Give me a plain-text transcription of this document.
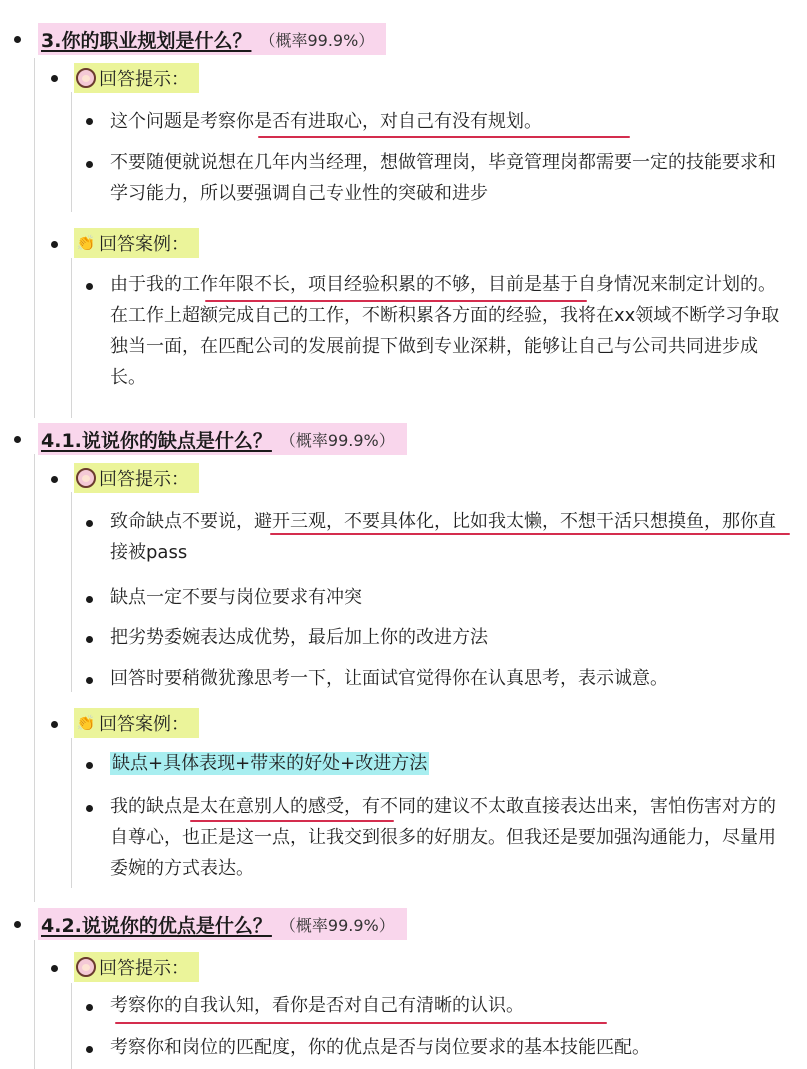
3.你的职业规划是什么？ （概率99.9%）
回答提示：
这个问题是考察你是否有进取心，对自己有没有规划。
不要随便就说想在几年内当经理，想做管理岗，毕竟管理岗都需要一定的技能要求和学习能力，所以要强调自己专业性的突破和进步
👏 回答案例：
由于我的工作年限不长，项目经验积累的不够，目前是基于自身情况来制定计划的。在工作上超额完成自己的工作，不断积累各方面的经验，我将在xx领域不断学习争取独当一面，在匹配公司的发展前提下做到专业深耕，能够让自己与公司共同进步成长。
4.1.说说你的缺点是什么？ （概率99.9%）
回答提示：
致命缺点不要说，避开三观，不要具体化，比如我太懒，不想干活只想摸鱼，那你直接被pass
缺点一定不要与岗位要求有冲突
把劣势委婉表达成优势，最后加上你的改进方法
回答时要稍微犹豫思考一下，让面试官觉得你在认真思考，表示诚意。
👏 回答案例：
缺点+具体表现+带来的好处+改进方法
我的缺点是太在意别人的感受，有不同的建议不太敢直接表达出来，害怕伤害对方的自尊心，也正是这一点，让我交到很多的好朋友。但我还是要加强沟通能力，尽量用委婉的方式表达。
4.2.说说你的优点是什么？ （概率99.9%）
回答提示：
考察你的自我认知，看你是否对自己有清晰的认识。
考察你和岗位的匹配度，你的优点是否与岗位要求的基本技能匹配。
